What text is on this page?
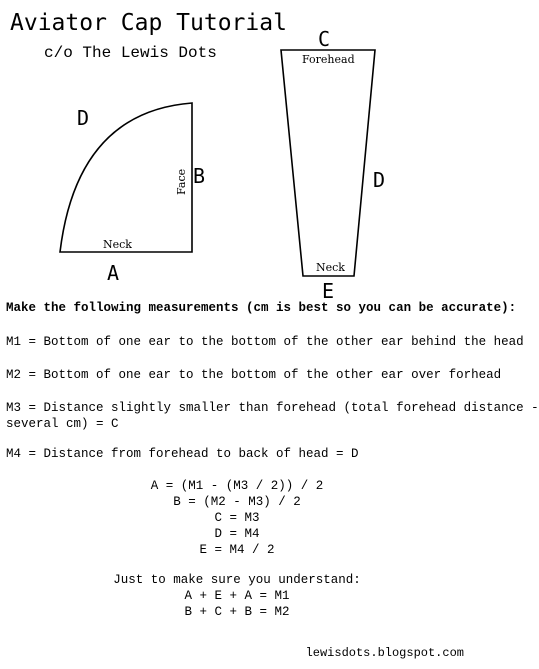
Aviator Cap Tutorial
c/o The Lewis Dots
D
B
A
Neck
Face
C
D
E
Forehead
Neck
Make the following measurements (cm is best so you can be accurate):
M1 = Bottom of one ear to the bottom of the other ear behind the head
M2 = Bottom of one ear to the bottom of the other ear over forhead
M3 = Distance slightly smaller than forehead (total forehead distance -
several cm) = C
M4 = Distance from forehead to back of head = D
A = (M1 - (M3 / 2)) / 2
B = (M2 - M3) / 2
C = M3
D = M4
E = M4 / 2
Just to make sure you understand:
A + E + A = M1
B + C + B = M2
lewisdots.blogspot.com
